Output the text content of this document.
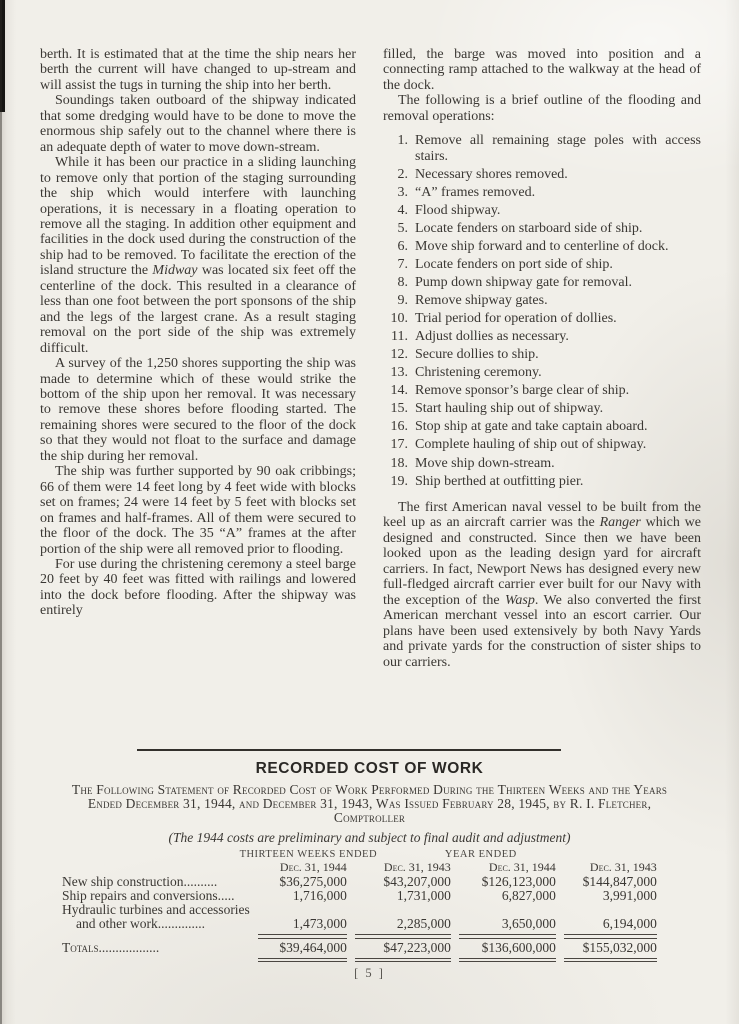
berth. It is estimated that at the time the ship nears her berth the current will have changed to up-stream and will assist the tugs in turning the ship into her berth.

Soundings taken outboard of the shipway indicated that some dredging would have to be done to move the enormous ship safely out to the channel where there is an adequate depth of water to move down-stream.

While it has been our practice in a sliding launching to remove only that portion of the staging surrounding the ship which would interfere with launching operations, it is necessary in a floating operation to remove all the staging. In addition other equipment and facilities in the dock used during the construction of the ship had to be removed. To facilitate the erection of the island structure the Midway was located six feet off the centerline of the dock. This resulted in a clearance of less than one foot between the port sponsons of the ship and the legs of the largest crane. As a result staging removal on the port side of the ship was extremely difficult.

A survey of the 1,250 shores supporting the ship was made to determine which of these would strike the bottom of the ship upon her removal. It was necessary to remove these shores before flooding started. The remaining shores were secured to the floor of the dock so that they would not float to the surface and damage the ship during her removal.

The ship was further supported by 90 oak cribbings; 66 of them were 14 feet long by 4 feet wide with blocks set on frames; 24 were 14 feet by 5 feet with blocks set on frames and half-frames. All of them were secured to the floor of the dock. The 35 “A” frames at the after portion of the ship were all removed prior to flooding.

For use during the christening ceremony a steel barge 20 feet by 40 feet was fitted with railings and lowered into the dock before flooding. After the shipway was entirely

filled, the barge was moved into position and a connecting ramp attached to the walkway at the head of the dock.

The following is a brief outline of the flooding and removal operations:

1. Remove all remaining stage poles with access stairs.
2. Necessary shores removed.
3. “A” frames removed.
4. Flood shipway.
5. Locate fenders on starboard side of ship.
6. Move ship forward and to centerline of dock.
7. Locate fenders on port side of ship.
8. Pump down shipway gate for removal.
9. Remove shipway gates.
10. Trial period for operation of dollies.
11. Adjust dollies as necessary.
12. Secure dollies to ship.
13. Christening ceremony.
14. Remove sponsor’s barge clear of ship.
15. Start hauling ship out of shipway.
16. Stop ship at gate and take captain aboard.
17. Complete hauling of ship out of shipway.
18. Move ship down-stream.
19. Ship berthed at outfitting pier.

The first American naval vessel to be built from the keel up as an aircraft carrier was the Ranger which we designed and constructed. Since then we have been looked upon as the leading design yard for aircraft carriers. In fact, Newport News has designed every new full-fledged aircraft carrier ever built for our Navy with the exception of the Wasp. We also converted the first American merchant vessel into an escort carrier. Our plans have been used extensively by both Navy Yards and private yards for the construction of sister ships to our carriers.

RECORDED COST OF WORK

The Following Statement of Recorded Cost of Work Performed During the Thirteen Weeks and the Years Ended December 31, 1944, and December 31, 1943, Was Issued February 28, 1945, by R. I. Fletcher, Comptroller

(The 1944 costs are preliminary and subject to final audit and adjustment)

	THIRTEEN WEEKS ENDED		YEAR ENDED	
	Dec. 31, 1944	Dec. 31, 1943	Dec. 31, 1944	Dec. 31, 1943
New ship construction..........	$36,275,000	$43,207,000	$126,123,000	$144,847,000
Ship repairs and conversions.....	1,716,000	1,731,000	6,827,000	3,991,000
Hydraulic turbines and accessories				
and other work..............	1,473,000	2,285,000	3,650,000	6,194,000

Totals..................	$39,464,000	$47,223,000	$136,600,000	$155,032,000

[ 5 ]
